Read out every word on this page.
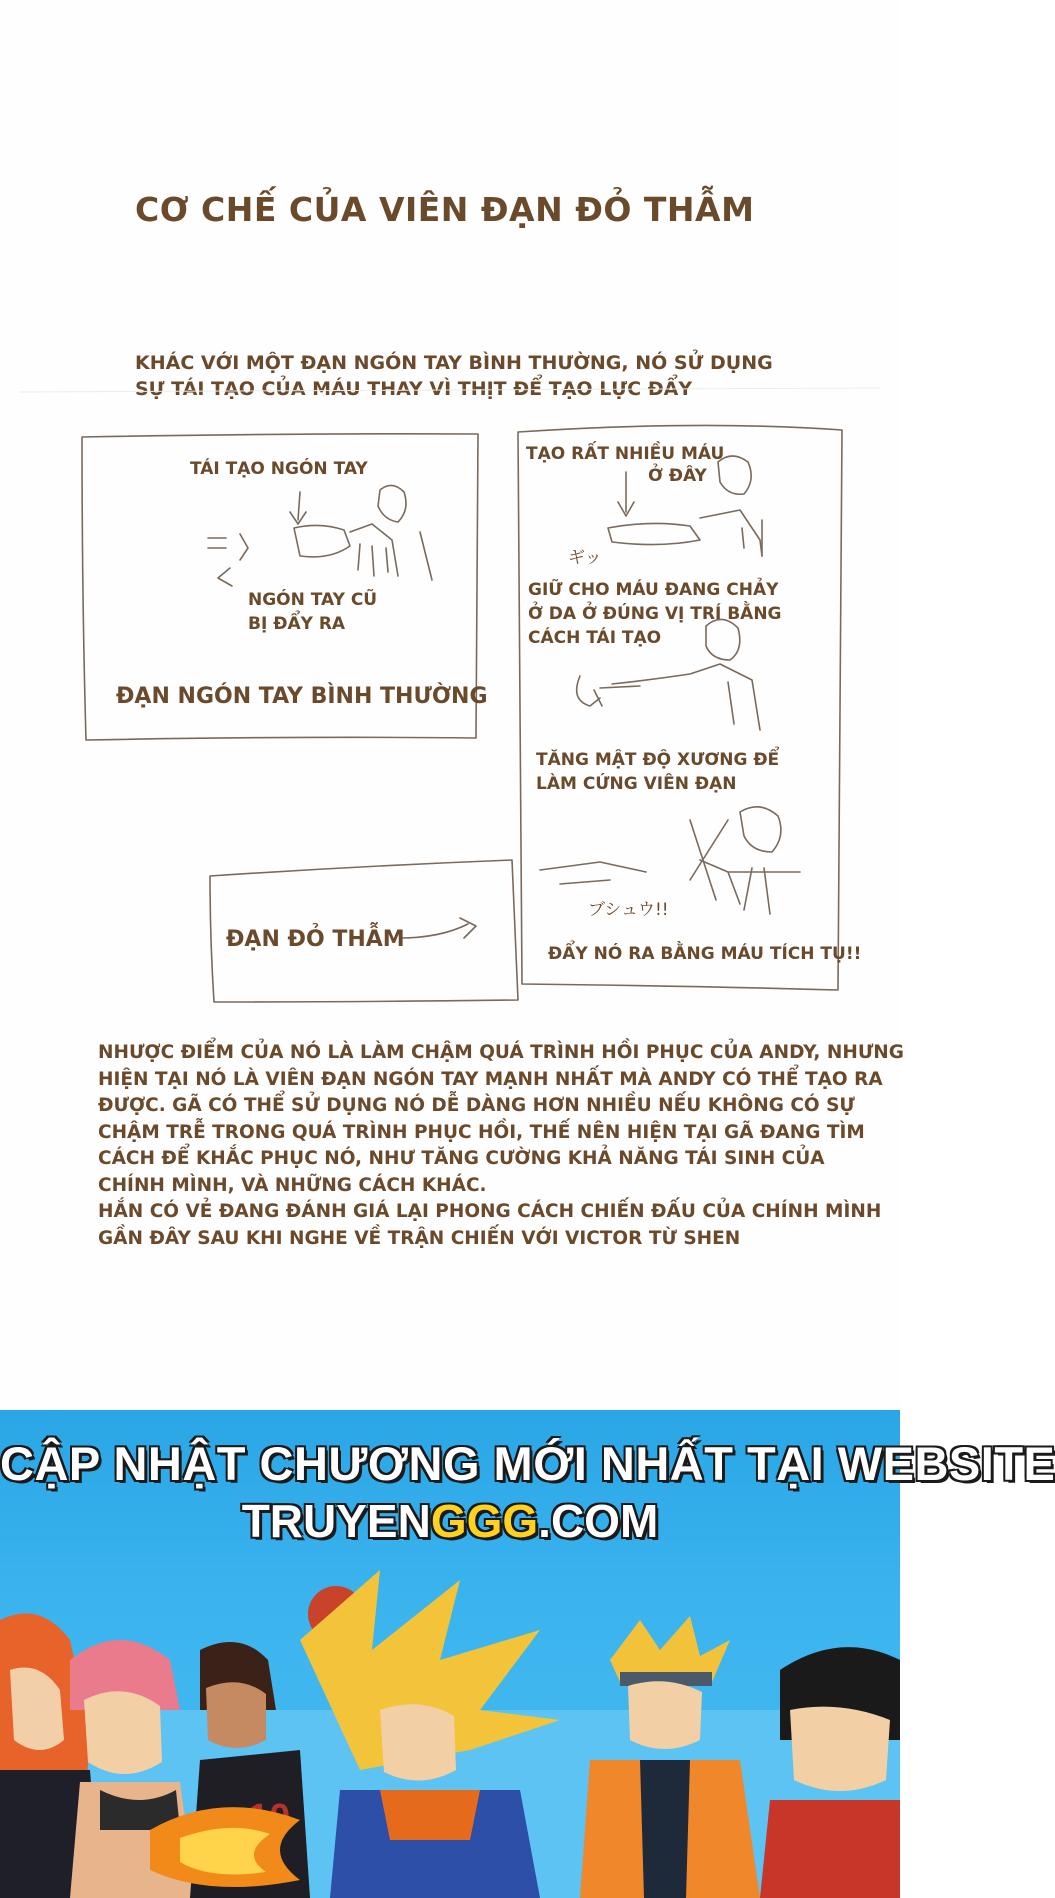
CƠ CHẾ CỦA VIÊN ĐẠN ĐỎ THẪM
KHÁC VỚI MỘT ĐẠN NGÓN TAY BÌNH THƯỜNG, NÓ SỬ DỤNG
SỰ TÁI TẠO CỦA MÁU THAY VÌ THỊT ĐỂ TẠO LỰC ĐẨY
TÁI TẠO NGÓN TAY
NGÓN TAY CŨ
BỊ ĐẨY RA
ĐẠN NGÓN TAY BÌNH THƯỜNG
TẠO RẤT NHIỀU MÁU
Ở ĐÂY
ギッ
GIỮ CHO MÁU ĐANG CHẢY
Ở DA Ở ĐÚNG VỊ TRÍ BẰNG
CÁCH TÁI TẠO
TĂNG MẬT ĐỘ XƯƠNG ĐỂ
LÀM CỨNG VIÊN ĐẠN
ブシュウ!!
ĐẨY NÓ RA BẰNG MÁU TÍCH TỤ!!
ĐẠN ĐỎ THẪM
NHƯỢC ĐIỂM CỦA NÓ LÀ LÀM CHẬM QUÁ TRÌNH HỒI PHỤC CỦA ANDY, NHƯNG
HIỆN TẠI NÓ LÀ VIÊN ĐẠN NGÓN TAY MẠNH NHẤT MÀ ANDY CÓ THỂ TẠO RA
ĐƯỢC. GÃ CÓ THỂ SỬ DỤNG NÓ DỄ DÀNG HƠN NHIỀU NẾU KHÔNG CÓ SỰ
CHẬM TRỄ TRONG QUÁ TRÌNH PHỤC HỒI, THẾ NÊN HIỆN TẠI GÃ ĐANG TÌM
CÁCH ĐỂ KHẮC PHỤC NÓ, NHƯ TĂNG CƯỜNG KHẢ NĂNG TÁI SINH CỦA
CHÍNH MÌNH, VÀ NHỮNG CÁCH KHÁC.
HẮN CÓ VẺ ĐANG ĐÁNH GIÁ LẠI PHONG CÁCH CHIẾN ĐẤU CỦA CHÍNH MÌNH
GẦN ĐÂY SAU KHI NGHE VỀ TRẬN CHIẾN VỚI VICTOR TỪ SHEN
CẬP NHẬT CHƯƠNG MỚI NHẤT TẠI WEBSITE
TRUYENGGG.COM
